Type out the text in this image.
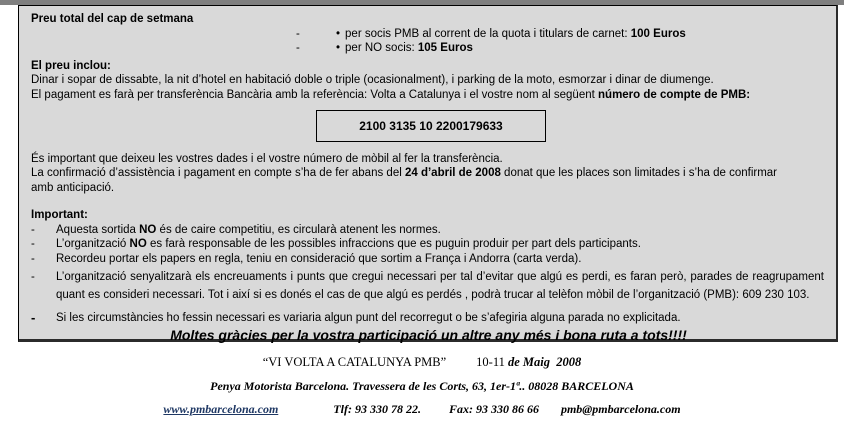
Preu total del cap de setmana
-	• per socis PMB al corrent de la quota i titulars de carnet: 100 Euros
-	• per NO socis: 105 Euros
El preu inclou:
Dinar i sopar de dissabte, la nit d’hotel en habitació doble o triple (ocasionalment), i parking de la moto, esmorzar i dinar de diumenge.
El pagament es farà per transferència Bancària amb la referència: Volta a Catalunya i el vostre nom al següent número de compte de PMB:
2100 3135 10 2200179633
És important que deixeu les vostres dades i el vostre número de mòbil al fer la transferència.
La confirmació d’assistència i pagament en compte s’ha de fer abans del 24 d’abril de 2008 donat que les places son limitades i s’ha de confirmar
amb anticipació.
Important:
-	Aquesta sortida NO és de caire competitiu, es circularà atenent les normes.
-	L’organització NO es farà responsable de les possibles infraccions que es puguin produir per part dels participants.
-	Recordeu portar els papers en regla, teniu en consideració que sortim a França i Andorra (carta verda).
-	L’organització senyalitzarà els encreuaments i punts que cregui necessari per tal d’evitar que algú es perdi, es faran però, parades de reagrupament quant es consideri necessari. Tot i així si es donés el cas de que algú es perdés , podrà trucar al telèfon mòbil de l’organització (PMB): 609 230 103.
-	Si les circumstàncies ho fessin necessari es variaria algun punt del recorregut o be s’afegiria alguna parada no explicitada.
Moltes gràcies per la vostra participació un altre any més i bona ruta a tots!!!!
“VI VOLTA A CATALUNYA PMB” 10-11 de Maig  2008
Penya Motorista Barcelona. Travessera de les Corts, 63, 1er-1ª.. 08028 BARCELONA
www.pmbarcelona.com	Tlf: 93 330 78 22. Fax: 93 330 86 66 pmb@pmbarcelona.com
